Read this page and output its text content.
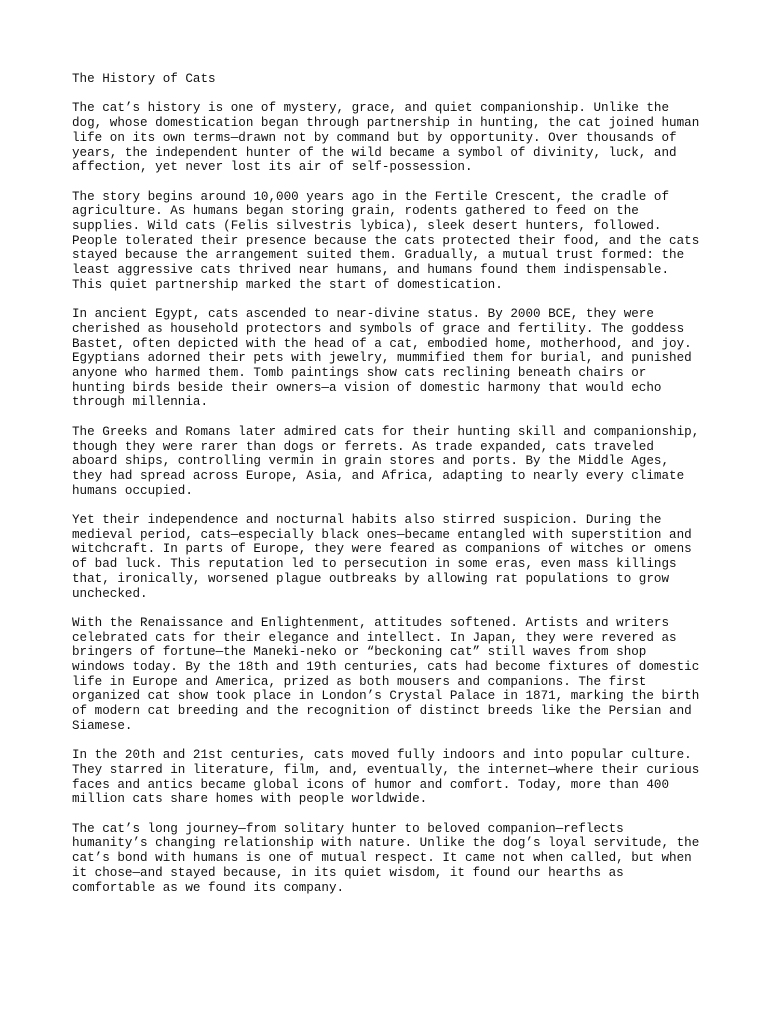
The History of Cats

The cat’s history is one of mystery, grace, and quiet companionship. Unlike the
dog, whose domestication began through partnership in hunting, the cat joined human
life on its own terms—drawn not by command but by opportunity. Over thousands of
years, the independent hunter of the wild became a symbol of divinity, luck, and
affection, yet never lost its air of self-possession.

The story begins around 10,000 years ago in the Fertile Crescent, the cradle of
agriculture. As humans began storing grain, rodents gathered to feed on the
supplies. Wild cats (Felis silvestris lybica), sleek desert hunters, followed.
People tolerated their presence because the cats protected their food, and the cats
stayed because the arrangement suited them. Gradually, a mutual trust formed: the
least aggressive cats thrived near humans, and humans found them indispensable.
This quiet partnership marked the start of domestication.

In ancient Egypt, cats ascended to near-divine status. By 2000 BCE, they were
cherished as household protectors and symbols of grace and fertility. The goddess
Bastet, often depicted with the head of a cat, embodied home, motherhood, and joy.
Egyptians adorned their pets with jewelry, mummified them for burial, and punished
anyone who harmed them. Tomb paintings show cats reclining beneath chairs or
hunting birds beside their owners—a vision of domestic harmony that would echo
through millennia.

The Greeks and Romans later admired cats for their hunting skill and companionship,
though they were rarer than dogs or ferrets. As trade expanded, cats traveled
aboard ships, controlling vermin in grain stores and ports. By the Middle Ages,
they had spread across Europe, Asia, and Africa, adapting to nearly every climate
humans occupied.

Yet their independence and nocturnal habits also stirred suspicion. During the
medieval period, cats—especially black ones—became entangled with superstition and
witchcraft. In parts of Europe, they were feared as companions of witches or omens
of bad luck. This reputation led to persecution in some eras, even mass killings
that, ironically, worsened plague outbreaks by allowing rat populations to grow
unchecked.

With the Renaissance and Enlightenment, attitudes softened. Artists and writers
celebrated cats for their elegance and intellect. In Japan, they were revered as
bringers of fortune—the Maneki-neko or “beckoning cat” still waves from shop
windows today. By the 18th and 19th centuries, cats had become fixtures of domestic
life in Europe and America, prized as both mousers and companions. The first
organized cat show took place in London’s Crystal Palace in 1871, marking the birth
of modern cat breeding and the recognition of distinct breeds like the Persian and
Siamese.

In the 20th and 21st centuries, cats moved fully indoors and into popular culture.
They starred in literature, film, and, eventually, the internet—where their curious
faces and antics became global icons of humor and comfort. Today, more than 400
million cats share homes with people worldwide.

The cat’s long journey—from solitary hunter to beloved companion—reflects
humanity’s changing relationship with nature. Unlike the dog’s loyal servitude, the
cat’s bond with humans is one of mutual respect. It came not when called, but when
it chose—and stayed because, in its quiet wisdom, it found our hearths as
comfortable as we found its company.
